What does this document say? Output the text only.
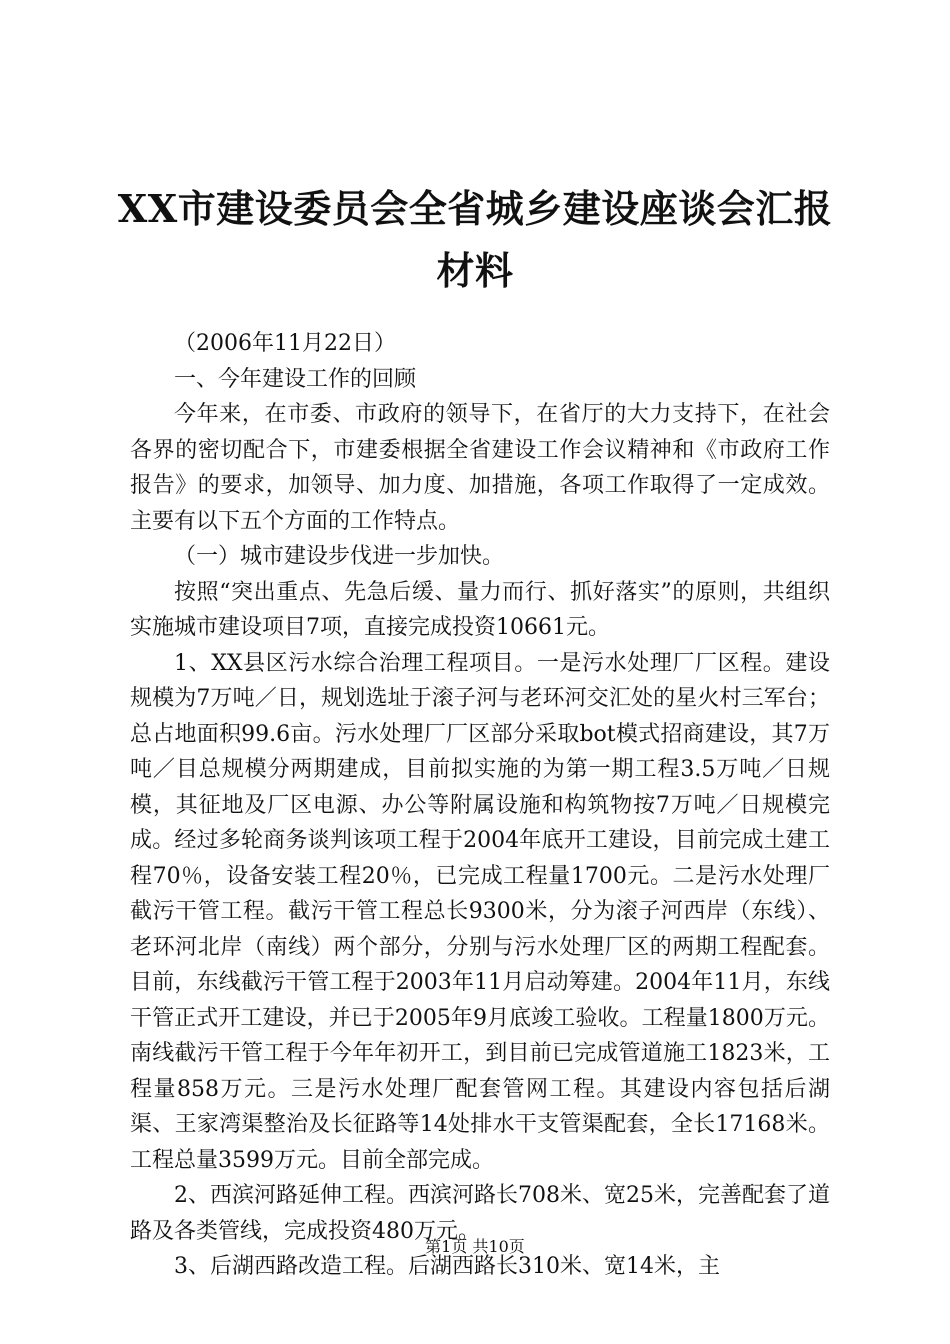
XX市建设委员会全省城乡建设座谈会汇报材料

（2006年11月22日）

一、今年建设工作的回顾

今年来，在市委、市政府的领导下，在省厅的大力支持下，在社会各界的密切配合下，市建委根据全省建设工作会议精神和《市政府工作报告》的要求，加领导、加力度、加措施，各项工作取得了一定成效。主要有以下五个方面的工作特点。

（一）城市建设步伐进一步加快。

按照“突出重点、先急后缓、量力而行、抓好落实”的原则，共组织实施城市建设项目7项，直接完成投资10661元。

1、XX县区污水综合治理工程项目。一是污水处理厂厂区程。建设规模为7万吨／日，规划选址于滚子河与老环河交汇处的星火村三军台；总占地面积99.6亩。污水处理厂厂区部分采取bot模式招商建设，其7万吨／目总规模分两期建成，目前拟实施的为第一期工程3.5万吨／日规模，其征地及厂区电源、办公等附属设施和构筑物按7万吨／日规模完成。经过多轮商务谈判该项工程于2004年底开工建设，目前完成土建工程70％，设备安装工程20％，已完成工程量1700元。二是污水处理厂截污干管工程。截污干管工程总长9300米，分为滚子河西岸（东线）、老环河北岸（南线）两个部分，分别与污水处理厂区的两期工程配套。目前，东线截污干管工程于2003年11月启动筹建。2004年11月，东线干管正式开工建设，并已于2005年9月底竣工验收。工程量1800万元。南线截污干管工程于今年年初开工，到目前已完成管道施工1823米，工程量858万元。三是污水处理厂配套管网工程。其建设内容包括后湖渠、王家湾渠整治及长征路等14处排水干支管渠配套，全长17168米。工程总量3599万元。目前全部完成。

2、西滨河路延伸工程。西滨河路长708米、宽25米，完善配套了道路及各类管线，完成投资480万元。

3、后湖西路改造工程。后湖西路长310米、宽14米，主

第1页 共10页
